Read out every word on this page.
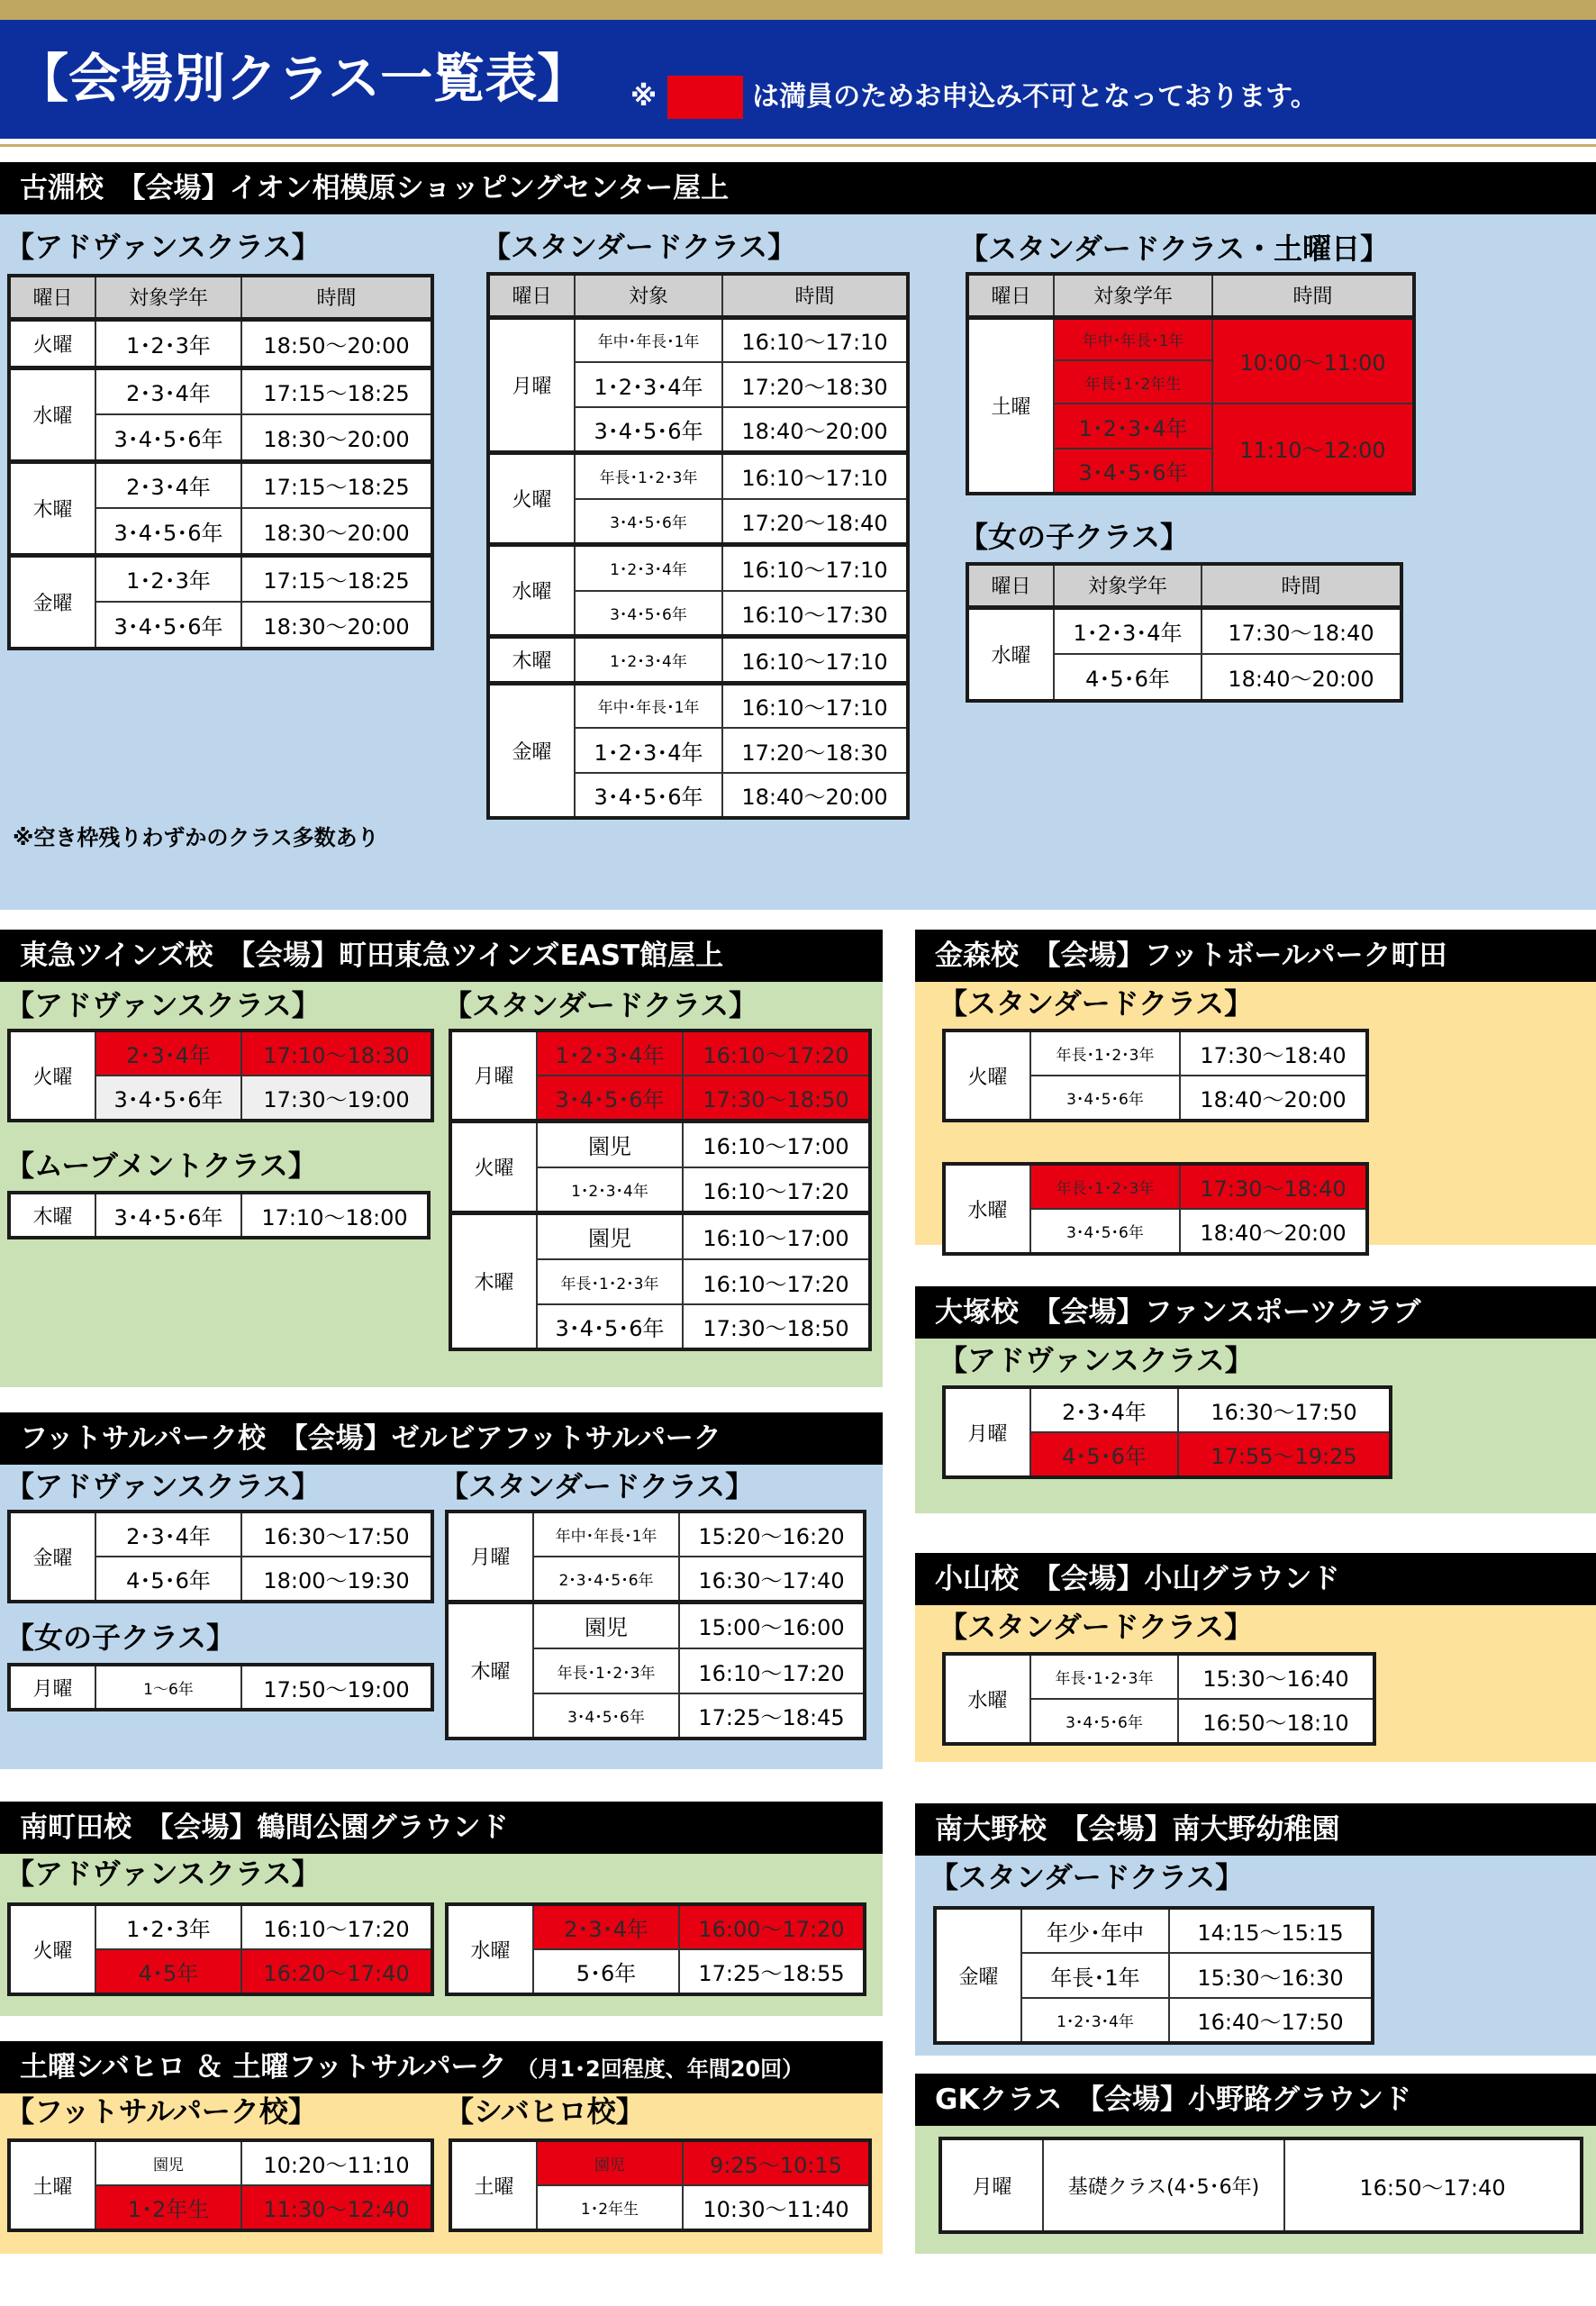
【会場別クラス一覧表】 ※	は満員のためお申込み不可となっております。
古淵校　【会場】イオン相模原ショッピングセンター屋上
【アドヴァンスクラス】
曜日	対象学年	時間
火曜	1･2･3年	18:50～20:00
水曜	2･3･4年	17:15～18:25
	3･4･5･6年	18:30～20:00
木曜	2･3･4年	17:15～18:25
	3･4･5･6年	18:30～20:00
金曜	1･2･3年	17:15～18:25
	3･4･5･6年	18:30～20:00
※空き枠残りわずかのクラス多数あり
【スタンダードクラス】
曜日	対象	時間
月曜	年中･年長･1年	16:10～17:10
	1･2･3･4年	17:20～18:30
	3･4･5･6年	18:40～20:00
火曜	年長･1･2･3年	16:10～17:10
	3･4･5･6年	17:20～18:40
水曜	1･2･3･4年	16:10～17:10
	3･4･5･6年	16:10～17:30
木曜	1･2･3･4年	16:10～17:10
金曜	年中･年長･1年	16:10～17:10
	1･2･3･4年	17:20～18:30
	3･4･5･6年	18:40～20:00
【スタンダードクラス・土曜日】
曜日	対象学年	時間
土曜	年中･年長･1年	10:00～11:00
	年長･1･2年生	
	1･2･3･4年	11:10～12:00
	3･4･5･6年	
【女の子クラス】
曜日	対象学年	時間
水曜	1･2･3･4年	17:30～18:40
	4･5･6年	18:40～20:00
東急ツインズ校　【会場】町田東急ツインズEAST館屋上
【アドヴァンスクラス】
火曜	2･3･4年	17:10～18:30
	3･4･5･6年	17:30～19:00
【ムーブメントクラス】
木曜	3･4･5･6年	17:10～18:00
【スタンダードクラス】
月曜	1･2･3･4年	16:10～17:20
	3･4･5･6年	17:30～18:50
火曜	園児	16:10～17:00
	1･2･3･4年	16:10～17:20
木曜	園児	16:10～17:00
	年長･1･2･3年	16:10～17:20
	3･4･5･6年	17:30～18:50
金森校　【会場】フットボールパーク町田
【スタンダードクラス】
火曜	年長･1･2･3年	17:30～18:40
	3･4･5･6年	18:40～20:00
水曜	年長･1･2･3年	17:30～18:40
	3･4･5･6年	18:40～20:00
大塚校　【会場】ファンスポーツクラブ
【アドヴァンスクラス】
月曜	2･3･4年	16:30～17:50
	4･5･6年	17:55～19:25
フットサルパーク校　【会場】ゼルビアフットサルパーク
【アドヴァンスクラス】
金曜	2･3･4年	16:30～17:50
	4･5･6年	18:00～19:30
【女の子クラス】
月曜	1～6年	17:50～19:00
【スタンダードクラス】
月曜	年中･年長･1年	15:20～16:20
	2･3･4･5･6年	16:30～17:40
木曜	園児	15:00～16:00
	年長･1･2･3年	16:10～17:20
	3･4･5･6年	17:25～18:45
小山校　【会場】小山グラウンド
【スタンダードクラス】
水曜	年長･1･2･3年	15:30～16:40
	3･4･5･6年	16:50～18:10
南町田校　【会場】鶴間公園グラウンド
【アドヴァンスクラス】
火曜	1･2･3年	16:10～17:20
	4･5年	16:20～17:40
水曜	2･3･4年	16:00～17:20
	5･6年	17:25～18:55
南大野校　【会場】南大野幼稚園
【スタンダードクラス】
金曜	年少･年中	14:15～15:15
	年長･1年	15:30～16:30
	1･2･3･4年	16:40～17:50
土曜シバヒロ ＆ 土曜フットサルパーク （月1･2回程度、年間20回）
【フットサルパーク校】
土曜	園児	10:20～11:10
	1･2年生	11:30～12:40
【シバヒロ校】
土曜	園児	9:25～10:15
	1･2年生	10:30～11:40
GKクラス　【会場】小野路グラウンド
月曜	基礎クラス(4･5･6年)	16:50～17:40
